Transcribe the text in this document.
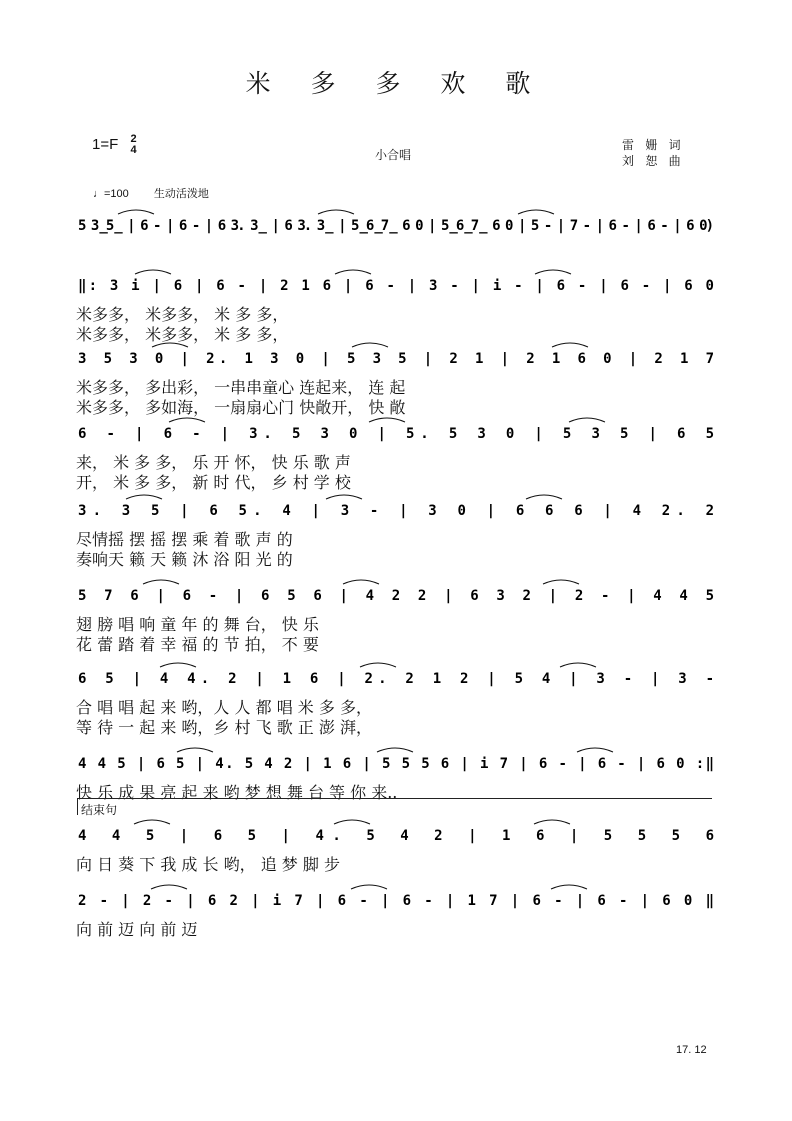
米 多 多 欢 歌
1=F 2
4	小合唱
雷 姗 词
刘 恕 曲
♩=100 生动活泼地
5 3̲5̲ | 6 - | 6 - | 6 3. 3̲ | 6 3. 3̲ | 5̲6̲7̲ 6 0 | 5̲6̲7̲ 6 0 | 5 - | 7 - | 6 - | 6 - | 6 0)
‖: 3 i | 6 | 6 - | 2 1 6 | 6 - | 3 - | i - | 6 - | 6 - | 6 0
米多多， 米多多， 米 多 多，
米多多， 米多多， 米 多 多，
3 5 3 0 | 2. 1 3 0 | 5 3 5 | 2 1 | 2 1 6 0 | 2 1 7
米多多， 多出彩， 一串串童心 连起来， 连 起
米多多， 多如海， 一扇扇心门 快敞开， 快 敞
6 - | 6 - | 3. 5 3 0 | 5. 5 3 0 | 5 3 5 | 6 5
来， 米 多 多， 乐 开 怀， 快 乐 歌 声
开， 米 多 多， 新 时 代， 乡 村 学 校
3. 3 5 | 6 5. 4 | 3 - | 3 0 | 6 6 6 | 4 2. 2
尽情摇 摆 摇 摆 乘 着 歌 声 的
奏响天 籁 天 籁 沐 浴 阳 光 的
5 7 6 | 6 - | 6 5 6 | 4 2 2 | 6 3 2 | 2 - | 4 4 5
翅 膀 唱 响 童 年 的 舞 台， 快 乐
花 蕾 踏 着 幸 福 的 节 拍， 不 要
6 5 | 4 4. 2 | 1 6 | 2. 2 1 2 | 5 4 | 3 - | 3 -
合 唱 唱 起 来 哟，人 人 都 唱 米 多 多，
等 待 一 起 来 哟，乡 村 飞 歌 正 澎 湃，
4 4 5 | 6 5 | 4. 5 4 2 | 1 6 | 5 5 5 6 | i 7 | 6 - | 6 - | 6 0 :‖
快 乐 成 果 亮 起 来 哟 梦 想 舞 台 等 你 来..
4 4 5 | 6 5 | 4. 5 4 2 | 1 6 | 5 5 5 6
向 日 葵 下 我 成 长 哟， 追 梦 脚 步
2 - | 2 - | 6 2 | i 7 | 6 - | 6 - | 1 7 | 6 - | 6 - | 6 0 ‖
向 前 迈 向 前 迈
结束句
17. 12
